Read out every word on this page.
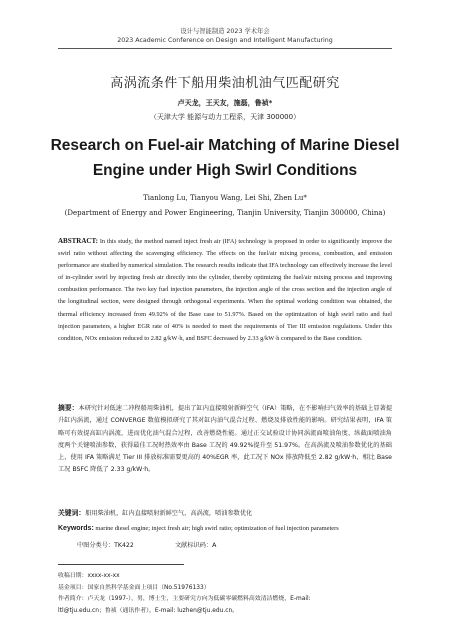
设计与智能制造 2023 学术年会
2023 Academic Conference on Design and Intelligent Manufacturing
高涡流条件下船用柴油机油气匹配研究
卢天龙，王天友，施磊，鲁祯*
（天津大学 能源与动力工程系，天津 300000）
Research on Fuel-air Matching of Marine Diesel
Engine under High Swirl Conditions
Tianlong Lu, Tianyou Wang, Lei Shi, Zhen Lu*
(Department of Energy and Power Engineering, Tianjin University, Tianjin 300000, China)
ABSTRACT: In this study, the method named inject fresh air (IFA) technology is proposed in order to significantly improve the swirl ratio without affecting the scavenging efficiency. The effects on the fuel/air mixing process, combustion, and emission performance are studied by numerical simulation. The research results indicate that IFA technology can effectively increase the level of in-cylinder swirl by injecting fresh air directly into the cylinder, thereby optimizing the fuel/air mixing process and improving combustion performance. The two key fuel injection parameters, the injection angle of the cross section and the injection angle of the longitudinal section, were designed through orthogonal experiments. When the optimal working condition was obtained, the thermal efficiency increased from 49.92% of the Base case to 51.97%. Based on the optimization of high swirl ratio and fuel injection parameters, a higher EGR rate of 40% is needed to meet the requirements of Tier III emission regulations. Under this condition, NOx emission reduced to 2.82 g/kW·h, and BSFC decreased by 2.33 g/kW·h compared to the Base condition.
摘要：本研究针对低速二冲程船用柴油机，提出了缸内直接喷射新鲜空气（IFA）策略，在不影响扫气效率的基础上显著提升缸内涡流，通过 CONVERGE 数值模拟研究了其对缸内油气混合过程、燃烧及排放性能的影响。研究结果表明，IFA 策略可有效提高缸内涡流，进而优化油气混合过程，改善燃烧性能。通过正交试验设计协同涡流面喷油角度、纵截面喷油角度两个关键喷油参数，获得最佳工况时热效率由 Base 工况的 49.92%提升至 51.97%。在高涡流及喷油参数优化的基础上，使用 IFA 策略满足 Tier III 排放标准需要更高的 40%EGR 率，此工况下 NOx 排放降低至 2.82 g/kW·h，相比 Base 工况 BSFC 降低了 2.33 g/kW·h。
关键词：船用柴油机，缸内直接喷射新鲜空气，高涡流，喷油参数优化
Keywords: marine diesel engine; inject fresh air; high swirl ratio; optimization of fuel injection parameters
中图分类号：TK422	文献标识码：A

收稿日期：xxxx-xx-xx

基金项目：国家自然科学基金面上项目（No.51976133）

作者简介：卢天龙（1997-），男，博士生，主要研究方向为低碳零碳燃料高效清洁燃烧，E-mail:

ltl@tju.edu.cn；鲁祯（通讯作者），E-mail: luzhen@tju.edu.cn。
